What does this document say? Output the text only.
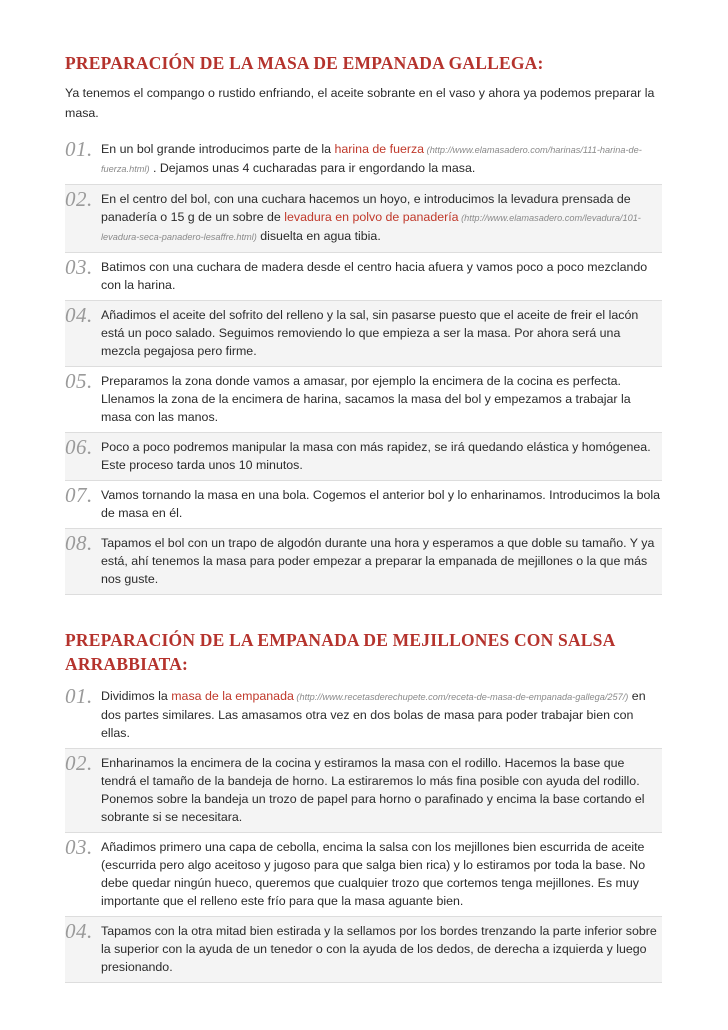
PREPARACIÓN DE LA MASA DE EMPANADA GALLEGA:

Ya tenemos el compango o rustido enfriando, el aceite sobrante en el vaso y ahora ya podemos preparar la masa.

01. En un bol grande introducimos parte de la harina de fuerza (http://www.elamasadero.com/harinas/111-harina-de-fuerza.html) . Dejamos unas 4 cucharadas para ir engordando la masa.
02. En el centro del bol, con una cuchara hacemos un hoyo, e introducimos la levadura prensada de panadería o 15 g de un sobre de levadura en polvo de panadería (http://www.elamasadero.com/levadura/101-levadura-seca-panadero-lesaffre.html) disuelta en agua tibia.
03. Batimos con una cuchara de madera desde el centro hacia afuera y vamos poco a poco mezclando con la harina.
04. Añadimos el aceite del sofrito del relleno y la sal, sin pasarse puesto que el aceite de freir el lacón está un poco salado. Seguimos removiendo lo que empieza a ser la masa. Por ahora será una mezcla pegajosa pero firme.
05. Preparamos la zona donde vamos a amasar, por ejemplo la encimera de la cocina es perfecta. Llenamos la zona de la encimera de harina, sacamos la masa del bol y empezamos a trabajar la masa con las manos.
06. Poco a poco podremos manipular la masa con más rapidez, se irá quedando elástica y homógenea. Este proceso tarda unos 10 minutos.
07. Vamos tornando la masa en una bola. Cogemos el anterior bol y lo enharinamos. Introducimos la bola de masa en él.
08. Tapamos el bol con un trapo de algodón durante una hora y esperamos a que doble su tamaño. Y ya está, ahí tenemos la masa para poder empezar a preparar la empanada de mejillones o la que más nos guste.
PREPARACIÓN DE LA EMPANADA DE MEJILLONES CON SALSA ARRABBIATA:
01. Dividimos la masa de la empanada (http://www.recetasderechupete.com/receta-de-masa-de-empanada-gallega/257/) en dos partes similares. Las amasamos otra vez en dos bolas de masa para poder trabajar bien con ellas.
02. Enharinamos la encimera de la cocina y estiramos la masa con el rodillo. Hacemos la base que tendrá el tamaño de la bandeja de horno. La estiraremos lo más fina posible con ayuda del rodillo. Ponemos sobre la bandeja un trozo de papel para horno o parafinado y encima la base cortando el sobrante si se necesitara.
03. Añadimos primero una capa de cebolla, encima la salsa con los mejillones bien escurrida de aceite (escurrida pero algo aceitoso y jugoso para que salga bien rica) y lo estiramos por toda la base. No debe quedar ningún hueco, queremos que cualquier trozo que cortemos tenga mejillones. Es muy importante que el relleno este frío para que la masa aguante bien.
04. Tapamos con la otra mitad bien estirada y la sellamos por los bordes trenzando la parte inferior sobre la superior con la ayuda de un tenedor o con la ayuda de los dedos, de derecha a izquierda y luego presionando.
